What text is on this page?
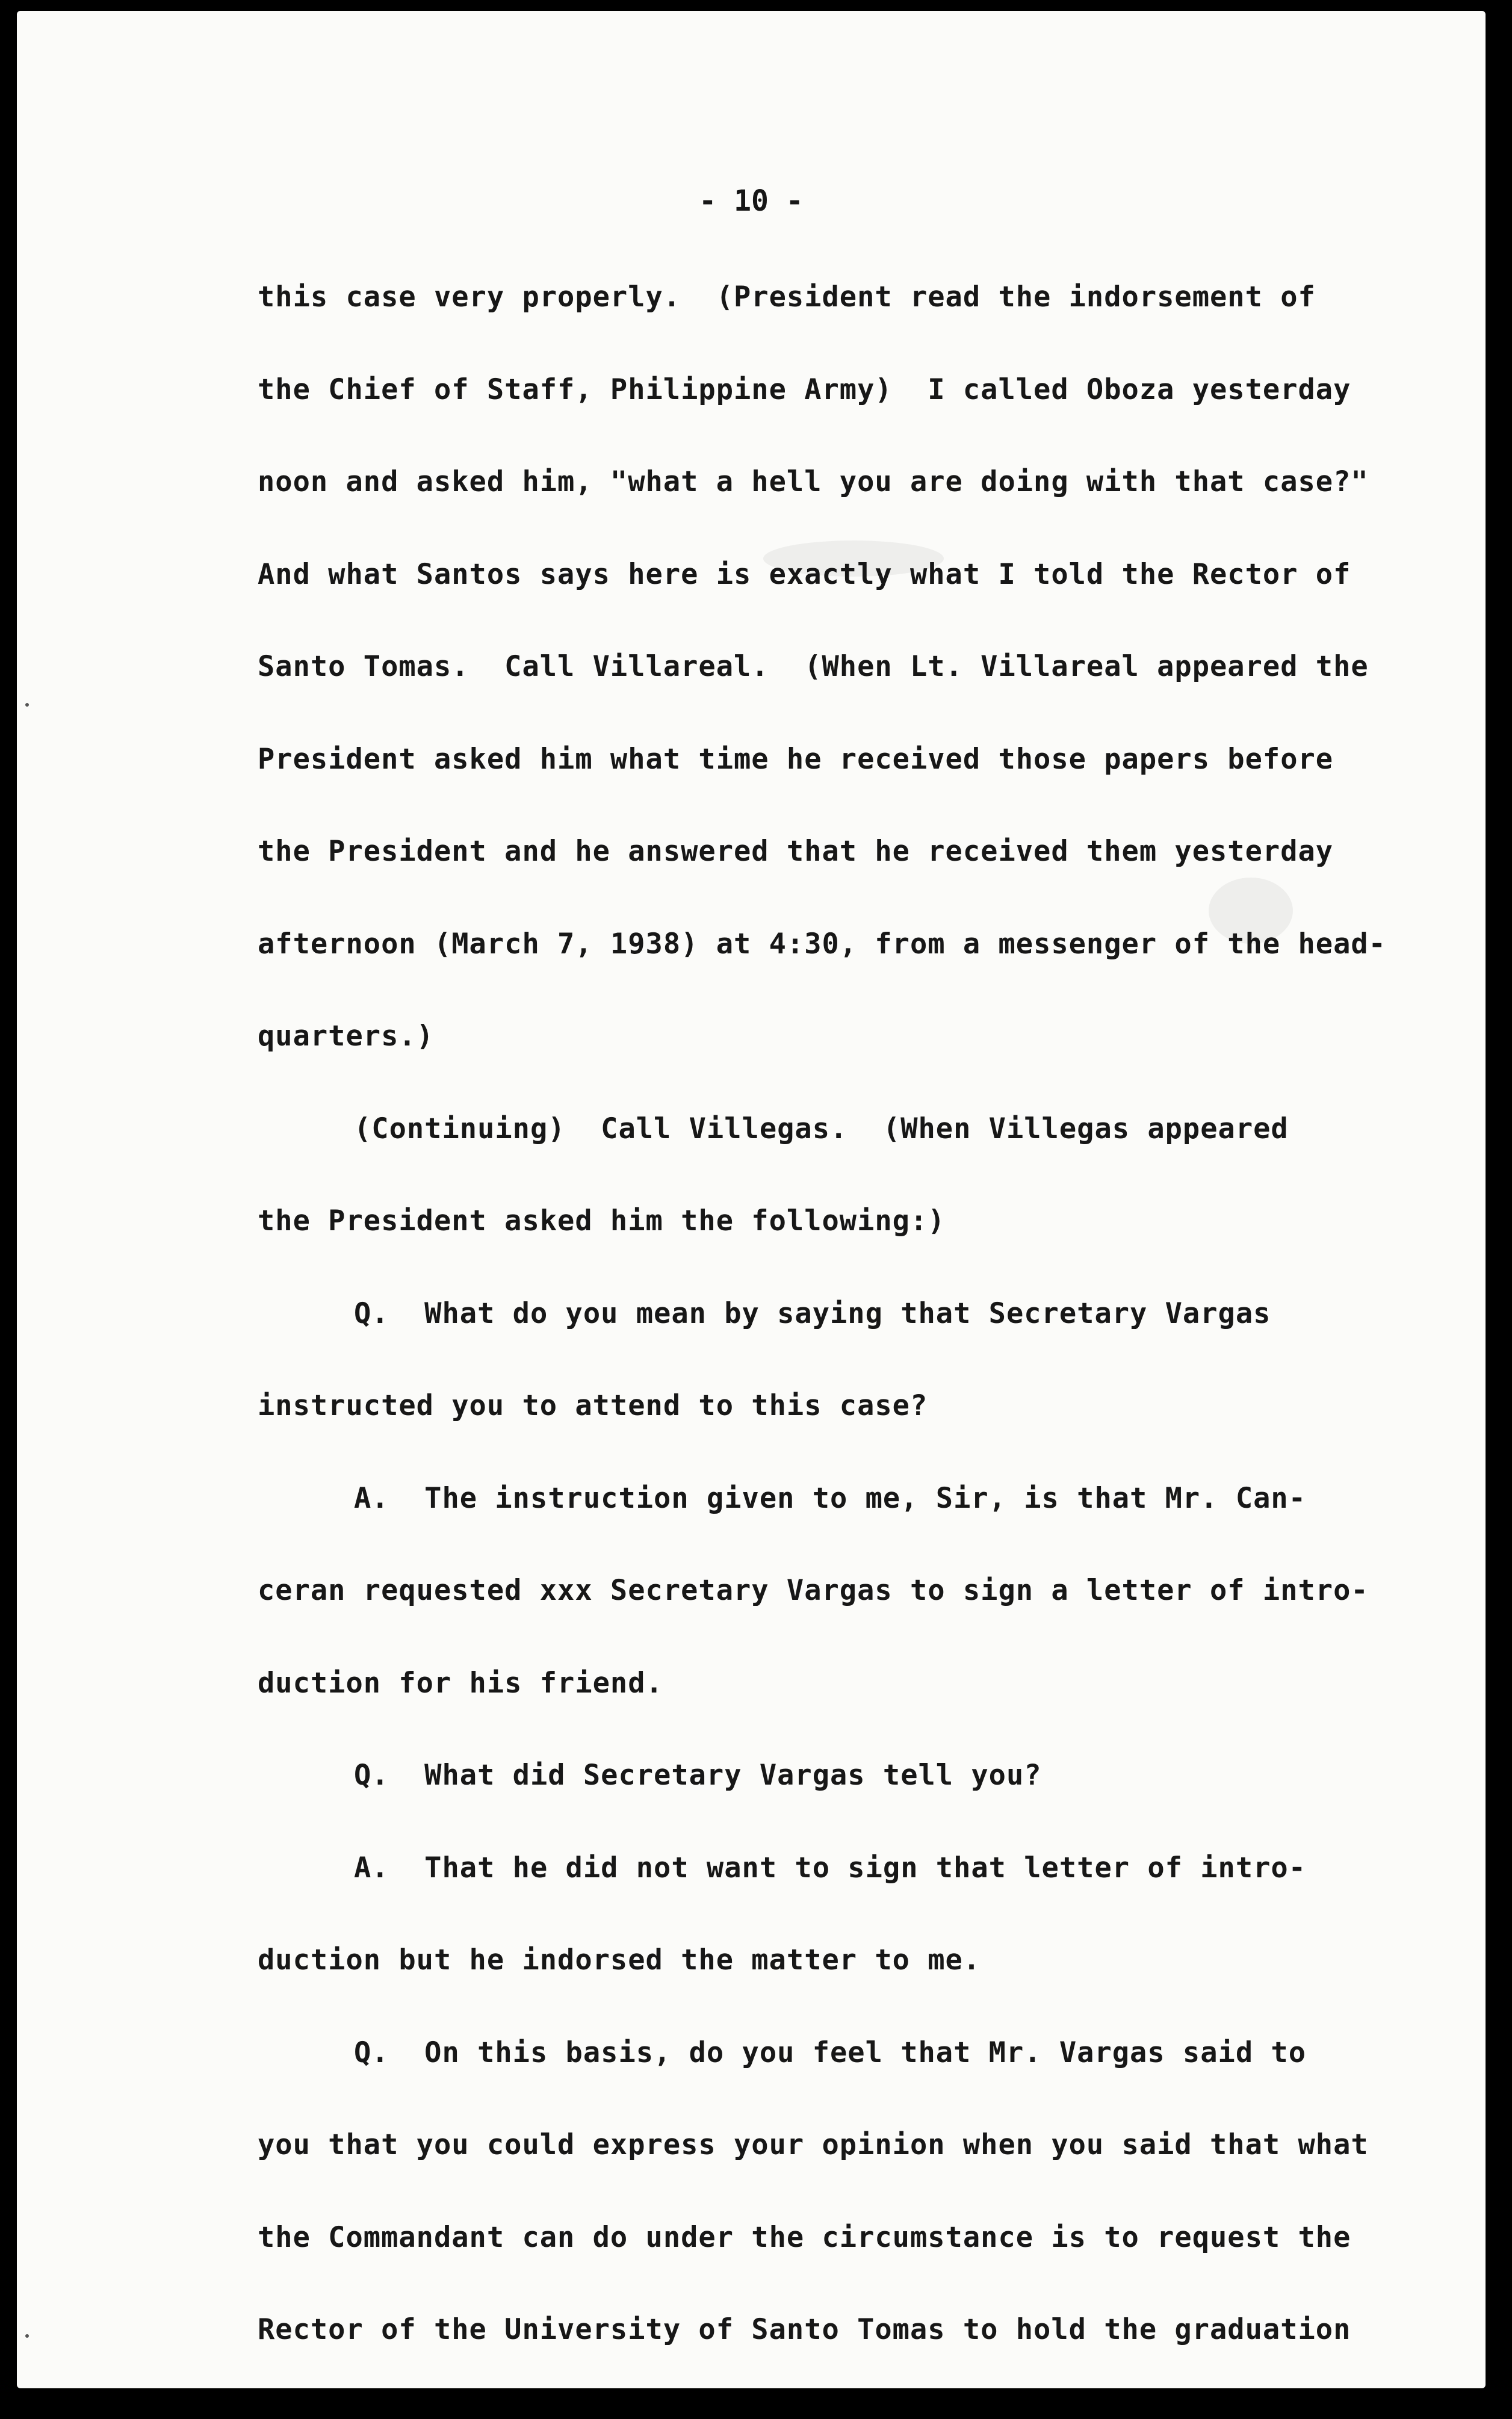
- 10 -
this case very properly.  (President read the indorsement of
the Chief of Staff, Philippine Army)  I called Oboza yesterday
noon and asked him, "what a hell you are doing with that case?"
And what Santos says here is exactly what I told the Rector of
Santo Tomas.  Call Villareal.  (When Lt. Villareal appeared the
President asked him what time he received those papers before
the President and he answered that he received them yesterday
afternoon (March 7, 1938) at 4:30, from a messenger of the head-
quarters.)
(Continuing)  Call Villegas.  (When Villegas appeared
the President asked him the following:)
Q.  What do you mean by saying that Secretary Vargas
instructed you to attend to this case?
A.  The instruction given to me, Sir, is that Mr. Can-
ceran requested xxx Secretary Vargas to sign a letter of intro-
duction for his friend.
Q.  What did Secretary Vargas tell you?
A.  That he did not want to sign that letter of intro-
duction but he indorsed the matter to me.
Q.  On this basis, do you feel that Mr. Vargas said to
you that you could express your opinion when you said that what
the Commandant can do under the circumstance is to request the
Rector of the University of Santo Tomas to hold the graduation
